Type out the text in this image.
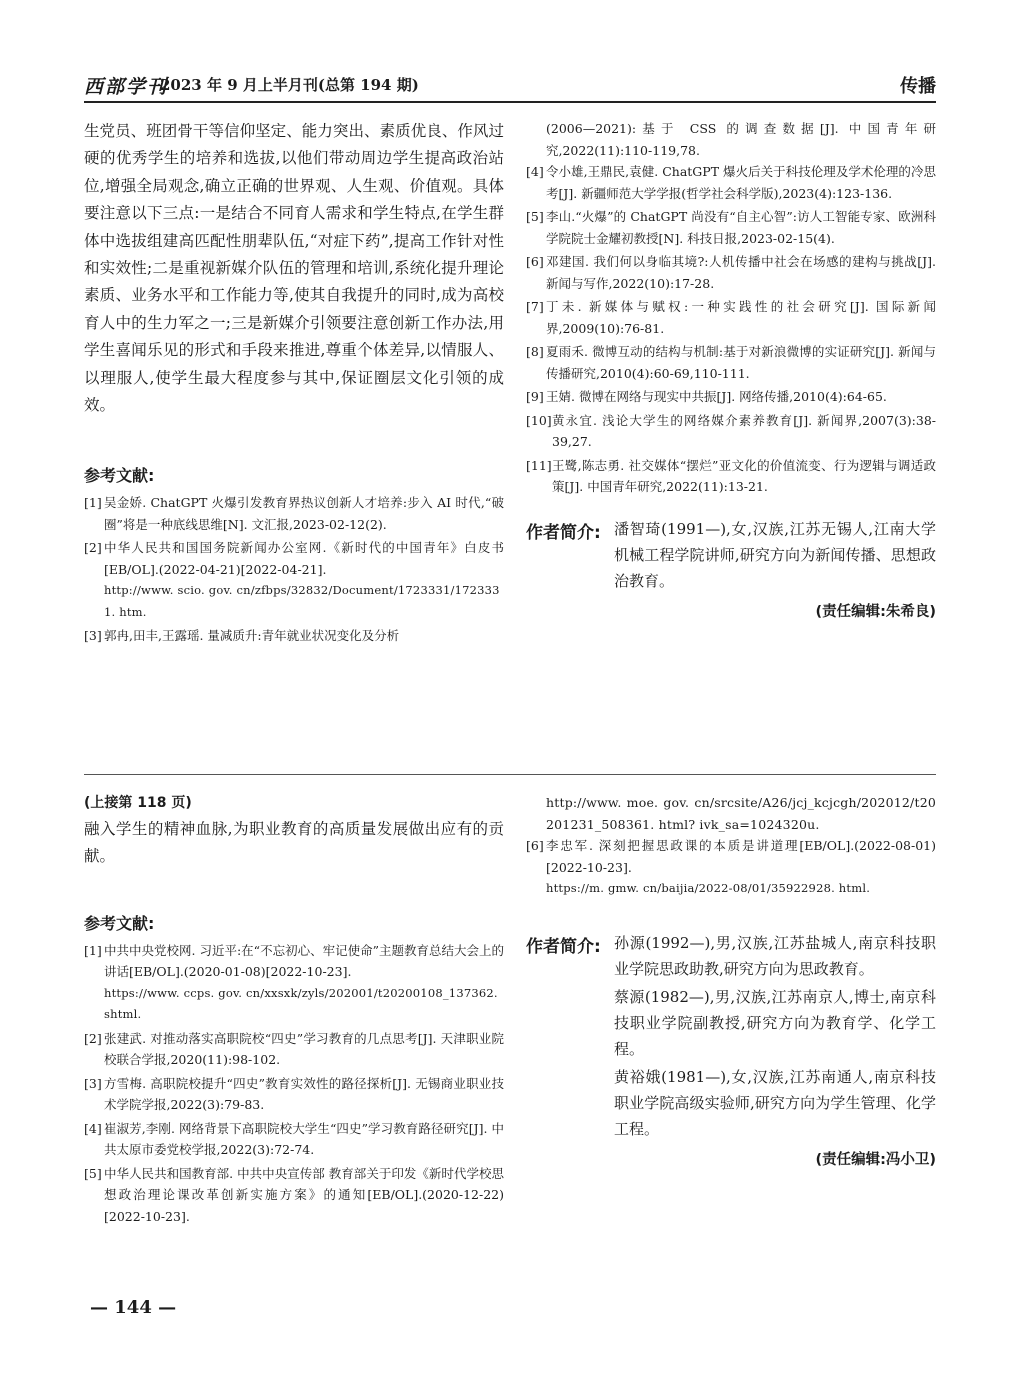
西部学刊
2023 年 9 月上半月刊(总第 194 期)	传播

生党员、班团骨干等信仰坚定、能力突出、素质优良、作风过硬的优秀学生的培养和选拔,以他们带动周边学生提高政治站位,增强全局观念,确立正确的世界观、人生观、价值观。具体要注意以下三点:一是结合不同育人需求和学生特点,在学生群体中选拔组建高匹配性朋辈队伍,“对症下药”,提高工作针对性和实效性;二是重视新媒介队伍的管理和培训,系统化提升理论素质、业务水平和工作能力等,使其自我提升的同时,成为高校育人中的生力军之一;三是新媒介引领要注意创新工作办法,用学生喜闻乐见的形式和手段来推进,尊重个体差异,以情服人、以理服人,使学生最大程度参与其中,保证圈层文化引领的成效。

参考文献:

[1] 吴金娇. ChatGPT 火爆引发教育界热议创新人才培养:步入 AI 时代,“破圈”将是一种底线思维[N]. 文汇报,2023-02-12(2).
[2] 中华人民共和国国务院新闻办公室网.《新时代的中国青年》白皮书[EB/OL].(2022-04-21)[2022-04-21].
http://www. scio. gov. cn/zfbps/32832/Document/1723331/1723331. htm.
[3] 郭冉,田丰,王露瑶. 量减质升:青年就业状况变化及分析
(2006—2021):基于 CSS 的调查数据[J]. 中国青年研究,2022(11):110-119,78.
[4] 令小雄,王鼎民,袁健. ChatGPT 爆火后关于科技伦理及学术伦理的冷思考[J]. 新疆师范大学学报(哲学社会科学版),2023(4):123-136.
[5] 李山.“火爆”的 ChatGPT 尚没有“自主心智”:访人工智能专家、欧洲科学院院士金耀初教授[N]. 科技日报,2023-02-15(4).
[6] 邓建国. 我们何以身临其境?:人机传播中社会在场感的建构与挑战[J]. 新闻与写作,2022(10):17-28.
[7] 丁未. 新媒体与赋权:一种实践性的社会研究[J]. 国际新闻界,2009(10):76-81.
[8] 夏雨禾. 微博互动的结构与机制:基于对新浪微博的实证研究[J]. 新闻与传播研究,2010(4):60-69,110-111.
[9] 王婧. 微博在网络与现实中共振[J]. 网络传播,2010(4):64-65.
[10] 黄永宜. 浅论大学生的网络媒介素养教育[J]. 新闻界,2007(3):38-39,27.
[11] 王鹭,陈志勇. 社交媒体“摆烂”亚文化的价值流变、行为逻辑与调适政策[J]. 中国青年研究,2022(11):13-21.
作者简介: 潘智琦(1991—),女,汉族,江苏无锡人,江南大学机械工程学院讲师,研究方向为新闻传播、思想政治教育。

(责任编辑:朱希良)

(上接第 118 页)

融入学生的精神血脉,为职业教育的高质量发展做出应有的贡献。

参考文献:

[1] 中共中央党校网. 习近平:在“不忘初心、牢记使命”主题教育总结大会上的讲话[EB/OL].(2020-01-08)[2022-10-23].
https://www. ccps. gov. cn/xxsxk/zyls/202001/t20200108_137362. shtml.
[2] 张建武. 对推动落实高职院校“四史”学习教育的几点思考[J]. 天津职业院校联合学报,2020(11):98-102.
[3] 方雪梅. 高职院校提升“四史”教育实效性的路径探析[J]. 无锡商业职业技术学院学报,2022(3):79-83.
[4] 崔淑芳,李刚. 网络背景下高职院校大学生“四史”学习教育路径研究[J]. 中共太原市委党校学报,2022(3):72-74.
[5] 中华人民共和国教育部. 中共中央宣传部 教育部关于印发《新时代学校思想政治理论课改革创新实施方案》的通知[EB/OL].(2020-12-22)[2022-10-23].
http://www. moe. gov. cn/srcsite/A26/jcj_kcjcgh/202012/t20201231_508361. html? ivk_sa=1024320u.
[6] 李忠军. 深刻把握思政课的本质是讲道理[EB/OL].(2022-08-01)[2022-10-23].
https://m. gmw. cn/baijia/2022-08/01/35922928. html.
作者简介: 孙源(1992—),男,汉族,江苏盐城人,南京科技职业学院思政助教,研究方向为思政教育。

蔡源(1982—),男,汉族,江苏南京人,博士,南京科技职业学院副教授,研究方向为教育学、化学工程。

黄裕娥(1981—),女,汉族,江苏南通人,南京科技职业学院高级实验师,研究方向为学生管理、化学工程。

(责任编辑:冯小卫)
— 144 —
